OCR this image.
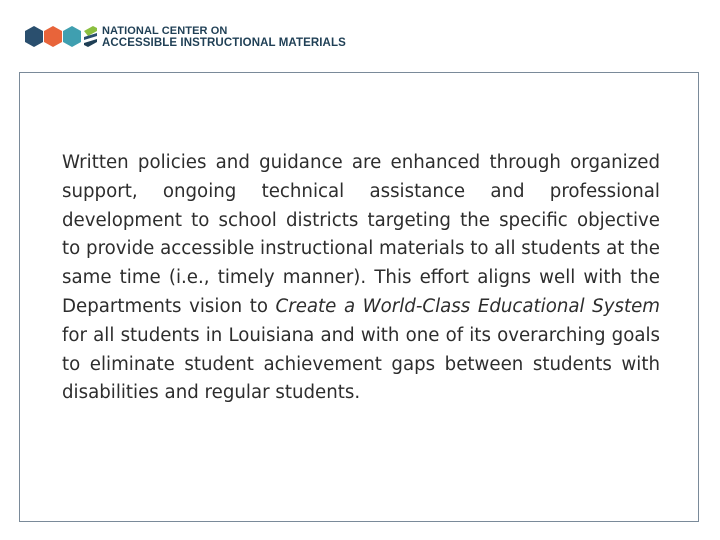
NATIONAL CENTER ON
ACCESSIBLE INSTRUCTIONAL MATERIALS

Written policies and guidance are enhanced through organized support, ongoing technical assistance and professional development to school districts targeting the specific objective to provide accessible instructional materials to all students at the same time (i.e., timely manner). This effort aligns well with the Departments vision to Create a World-Class Educational System for all students in Louisiana and with one of its overarching goals to eliminate student achievement gaps between students with disabilities and regular students.
